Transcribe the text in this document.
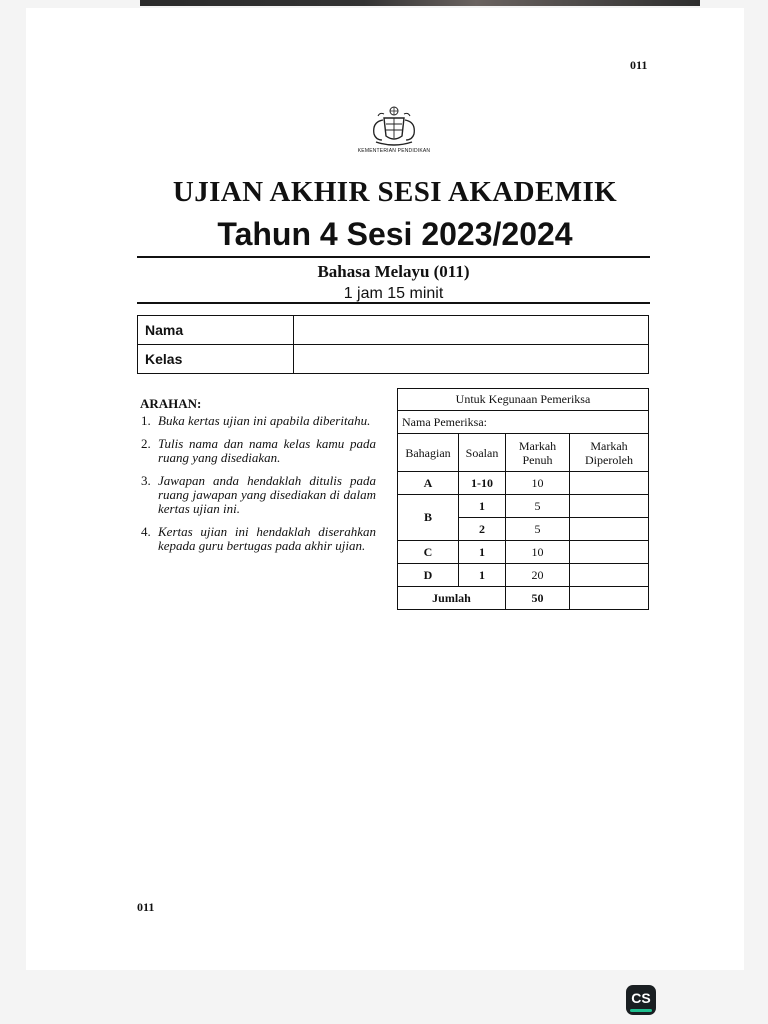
011
KEMENTERIAN PENDIDIKAN
UJIAN AKHIR SESI AKADEMIK
Tahun 4 Sesi 2023/2024
Bahasa Melayu (011)
1 jam 15 minit
Nama	
Kelas	
ARAHAN:
1. Buka kertas ujian ini apabila diberitahu.
2. Tulis nama dan nama kelas kamu pada ruang yang disediakan.
3. Jawapan anda hendaklah ditulis pada ruang jawapan yang disediakan di dalam kertas ujian ini.
4. Kertas ujian ini hendaklah diserahkan kepada guru bertugas pada akhir ujian.
Untuk Kegunaan Pemeriksa			
Nama Pemeriksa:			
Bahagian	Soalan	Markah Penuh	Markah Diperoleh
A	1-10	10	
B	1	5	
	2	5	
C	1	10	
D	1	20	
Jumlah		50	
011
CS
